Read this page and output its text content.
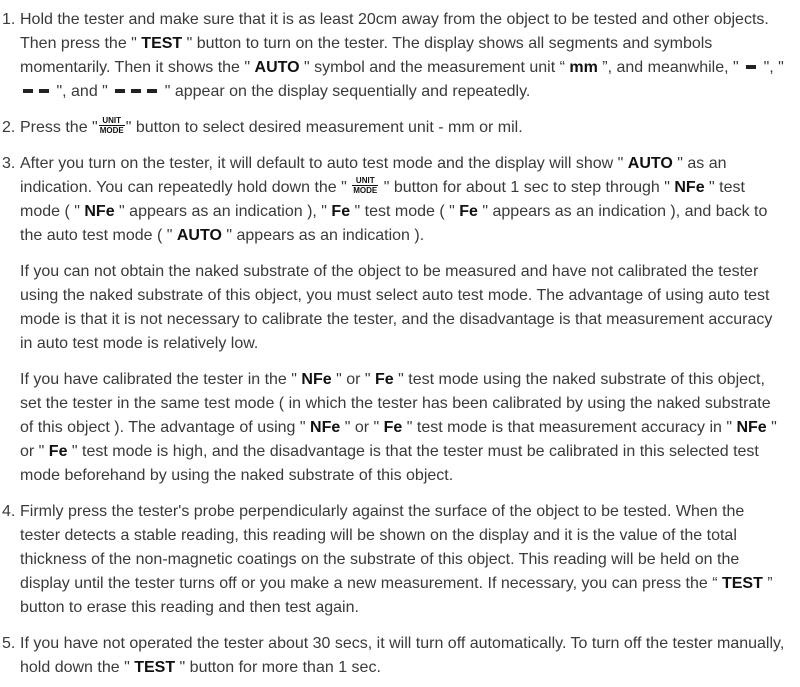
1. Hold the tester and make sure that it is as least 20cm away from the object to be tested and other objects. Then press the " TEST " button to turn on the tester. The display shows all segments and symbols momentarily. Then it shows the " AUTO " symbol and the measurement unit “ mm ”, and meanwhile, "  ", "  ", and "	" appear on the display sequentially and repeatedly.

2. Press the " UNIT
MODE " button to select desired measurement unit - mm or mil.

3. After you turn on the tester, it will default to auto test mode and the display will show " AUTO " as an indication. You can repeatedly hold down the " UNIT
MODE " button for about 1 sec to step through " NFe " test mode ( " NFe " appears as an indication ), " Fe " test mode ( " Fe " appears as an indication ), and back to the auto test mode ( " AUTO " appears as an indication ).

If you can not obtain the naked substrate of the object to be measured and have not calibrated the tester using the naked substrate of this object, you must select auto test mode. The advantage of using auto test mode is that it is not necessary to calibrate the tester, and the disadvantage is that measurement accuracy in auto test mode is relatively low.

If you have calibrated the tester in the " NFe " or " Fe " test mode using the naked substrate of this object, set the tester in the same test mode ( in which the tester has been calibrated by using the naked substrate of this object ). The advantage of using " NFe " or " Fe " test mode is that measurement accuracy in " NFe " or " Fe " test mode is high, and the disadvantage is that the tester must be calibrated in this selected test mode beforehand by using the naked substrate of this object.

4. Firmly press the tester's probe perpendicularly against the surface of the object to be tested. When the tester detects a stable reading, this reading will be shown on the display and it is the value of the total thickness of the non-magnetic coatings on the substrate of this object. This reading will be held on the display until the tester turns off or you make a new measurement. If necessary, you can press the “ TEST ” button to erase this reading and then test again.

5. If you have not operated the tester about 30 secs, it will turn off automatically. To turn off the tester manually, hold down the " TEST " button for more than 1 sec.
